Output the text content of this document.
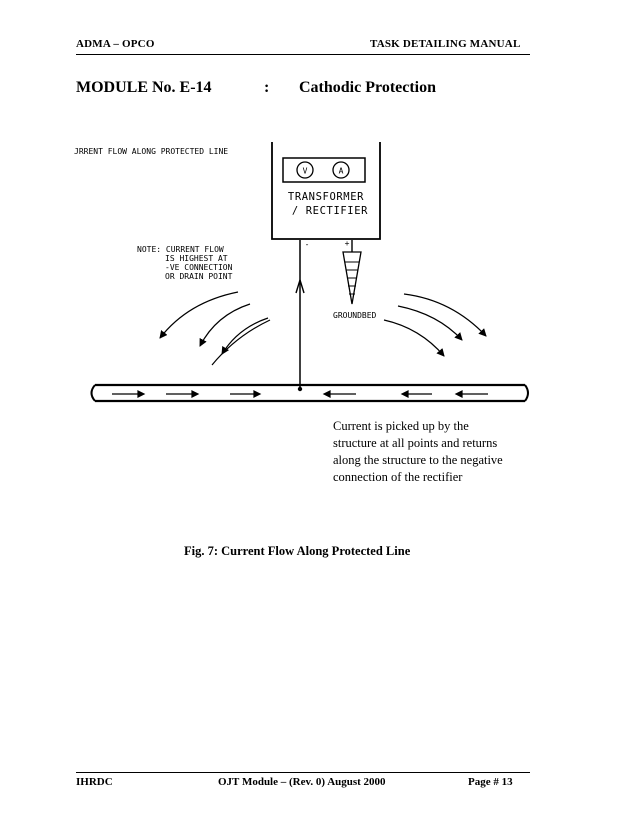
ADMA – OPCO	TASK DETAILING MANUAL
MODULE No. E-14	: Cathodic Protection
JRRENT FLOW ALONG PROTECTED LINE
V	A
TRANSFORMER
/ RECTIFIER
-	+
GROUNDBED
NOTE: CURRENT FLOW
IS HIGHEST AT
-VE CONNECTION
OR DRAIN POINT
Current is picked up by the
structure at all points and returns
along the structure to the negative
connection of the rectifier
Fig. 7: Current Flow Along Protected Line
IHRDC	OJT Module – (Rev. 0) August 2000	Page # 13
